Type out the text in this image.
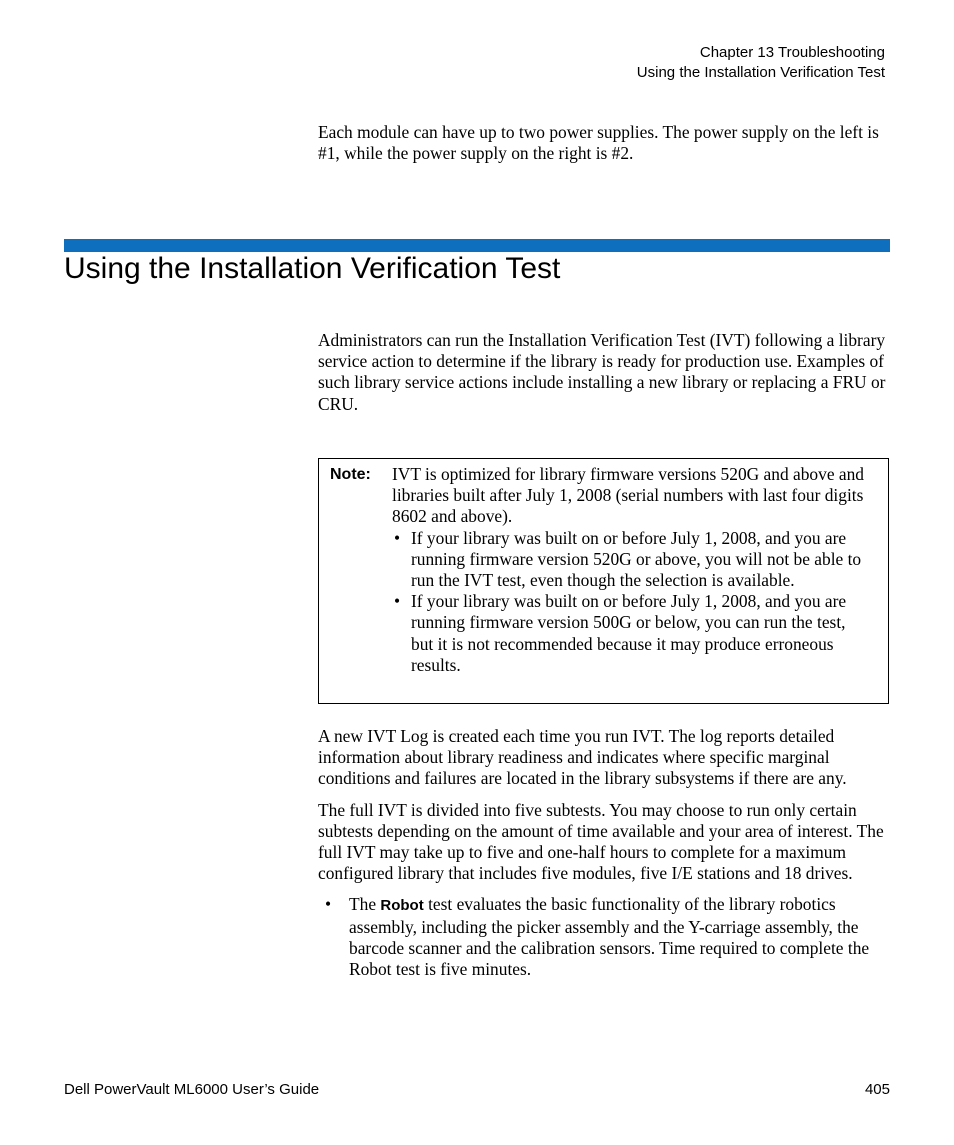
Chapter 13 Troubleshooting
Using the Installation Verification Test

Each module can have up to two power supplies. The power supply on the left is #1, while the power supply on the right is #2.

Using the Installation Verification Test

Administrators can run the Installation Verification Test (IVT) following a library service action to determine if the library is ready for production use. Examples of such library service actions include installing a new library or replacing a FRU or CRU.

Note: IVT is optimized for library firmware versions 520G and above and libraries built after July 1, 2008 (serial numbers with last four digits 8602 and above).

• If your library was built on or before July 1, 2008, and you are running firmware version 520G or above, you will not be able to run the IVT test, even though the selection is available.
• If your library was built on or before July 1, 2008, and you are running firmware version 500G or below, you can run the test, but it is not recommended because it may produce erroneous results.

A new IVT Log is created each time you run IVT. The log reports detailed information about library readiness and indicates where specific marginal conditions and failures are located in the library subsystems if there are any.

The full IVT is divided into five subtests. You may choose to run only certain subtests depending on the amount of time available and your area of interest. The full IVT may take up to five and one-half hours to complete for a maximum configured library that includes five modules, five I/E stations and 18 drives.

• The Robot test evaluates the basic functionality of the library robotics assembly, including the picker assembly and the Y-carriage assembly, the barcode scanner and the calibration sensors. Time required to complete the Robot test is five minutes.
Dell PowerVault ML6000 User’s Guide	405
